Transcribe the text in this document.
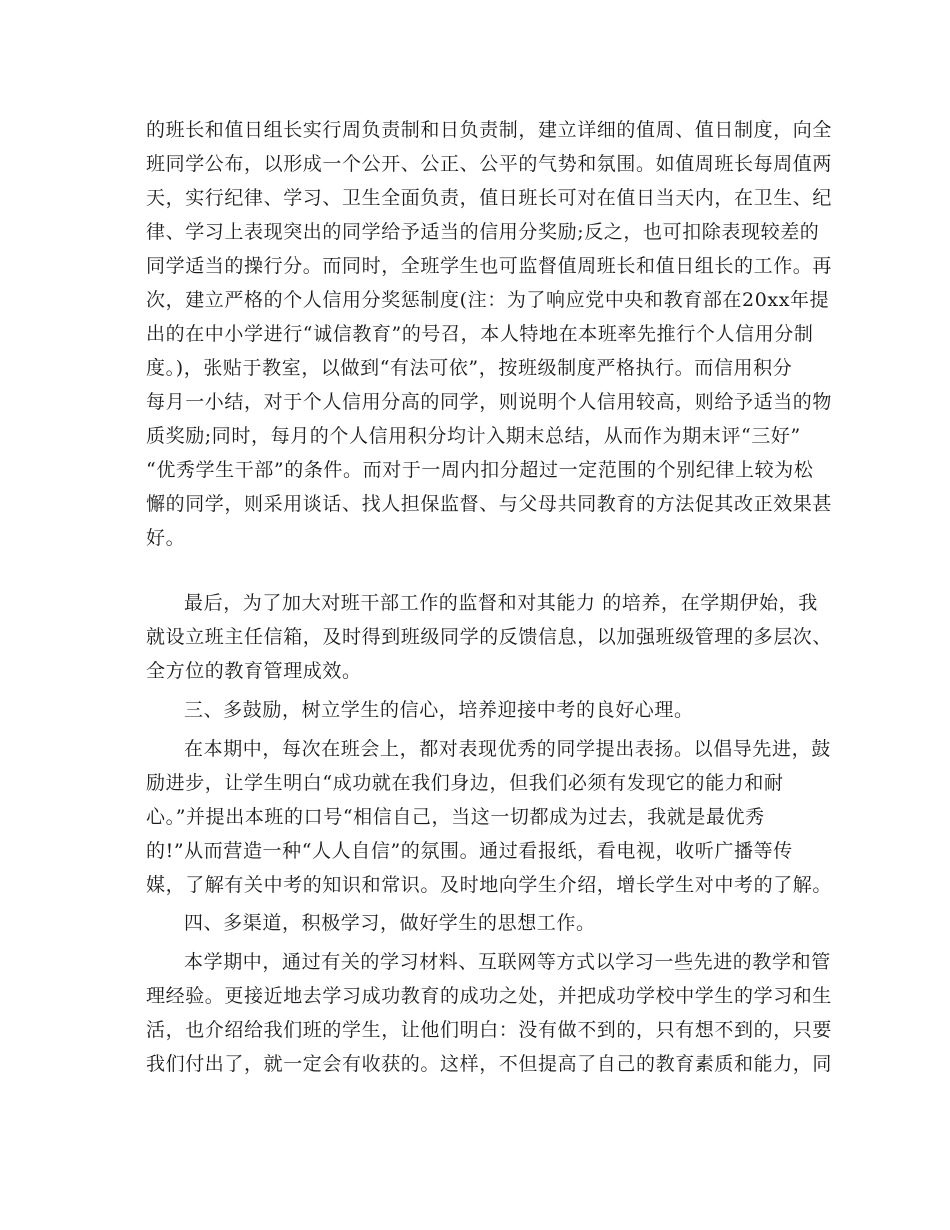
的班长和值日组长实行周负责制和日负责制，建立详细的值周、值日制度，向全
班同学公布，以形成一个公开、公正、公平的气势和氛围。如值周班长每周值两
天，实行纪律、学习、卫生全面负责，值日班长可对在值日当天内，在卫生、纪
律、学习上表现突出的同学给予适当的信用分奖励;反之，也可扣除表现较差的
同学适当的操行分。而同时，全班学生也可监督值周班长和值日组长的工作。再
次，建立严格的个人信用分奖惩制度(注：为了响应党中央和教育部在20xx年提
出的在中小学进行“诚信教育”的号召，本人特地在本班率先推行个人信用分制
度。)，张贴于教室，以做到“有法可依”，按班级制度严格执行。而信用积分
每月一小结，对于个人信用分高的同学，则说明个人信用较高，则给予适当的物
质奖励;同时，每月的个人信用积分均计入期末总结，从而作为期末评“三好”
“优秀学生干部”的条件。而对于一周内扣分超过一定范围的个别纪律上较为松
懈的同学，则采用谈话、找人担保监督、与父母共同教育的方法促其改正效果甚
好。
最后，为了加大对班干部工作的监督和对其能力 的培养，在学期伊始，我
就设立班主任信箱，及时得到班级同学的反馈信息，以加强班级管理的多层次、
全方位的教育管理成效。
三、多鼓励，树立学生的信心，培养迎接中考的良好心理。
在本期中，每次在班会上，都对表现优秀的同学提出表扬。以倡导先进，鼓
励进步，让学生明白“成功就在我们身边，但我们必须有发现它的能力和耐
心。”并提出本班的口号“相信自己，当这一切都成为过去，我就是最优秀
的!”从而营造一种“人人自信”的氛围。通过看报纸，看电视，收听广播等传
媒，了解有关中考的知识和常识。及时地向学生介绍，增长学生对中考的了解。
四、多渠道，积极学习，做好学生的思想工作。
本学期中，通过有关的学习材料、互联网等方式以学习一些先进的教学和管
理经验。更接近地去学习成功教育的成功之处，并把成功学校中学生的学习和生
活，也介绍给我们班的学生，让他们明白：没有做不到的，只有想不到的，只要
我们付出了，就一定会有收获的。这样，不但提高了自己的教育素质和能力，同
